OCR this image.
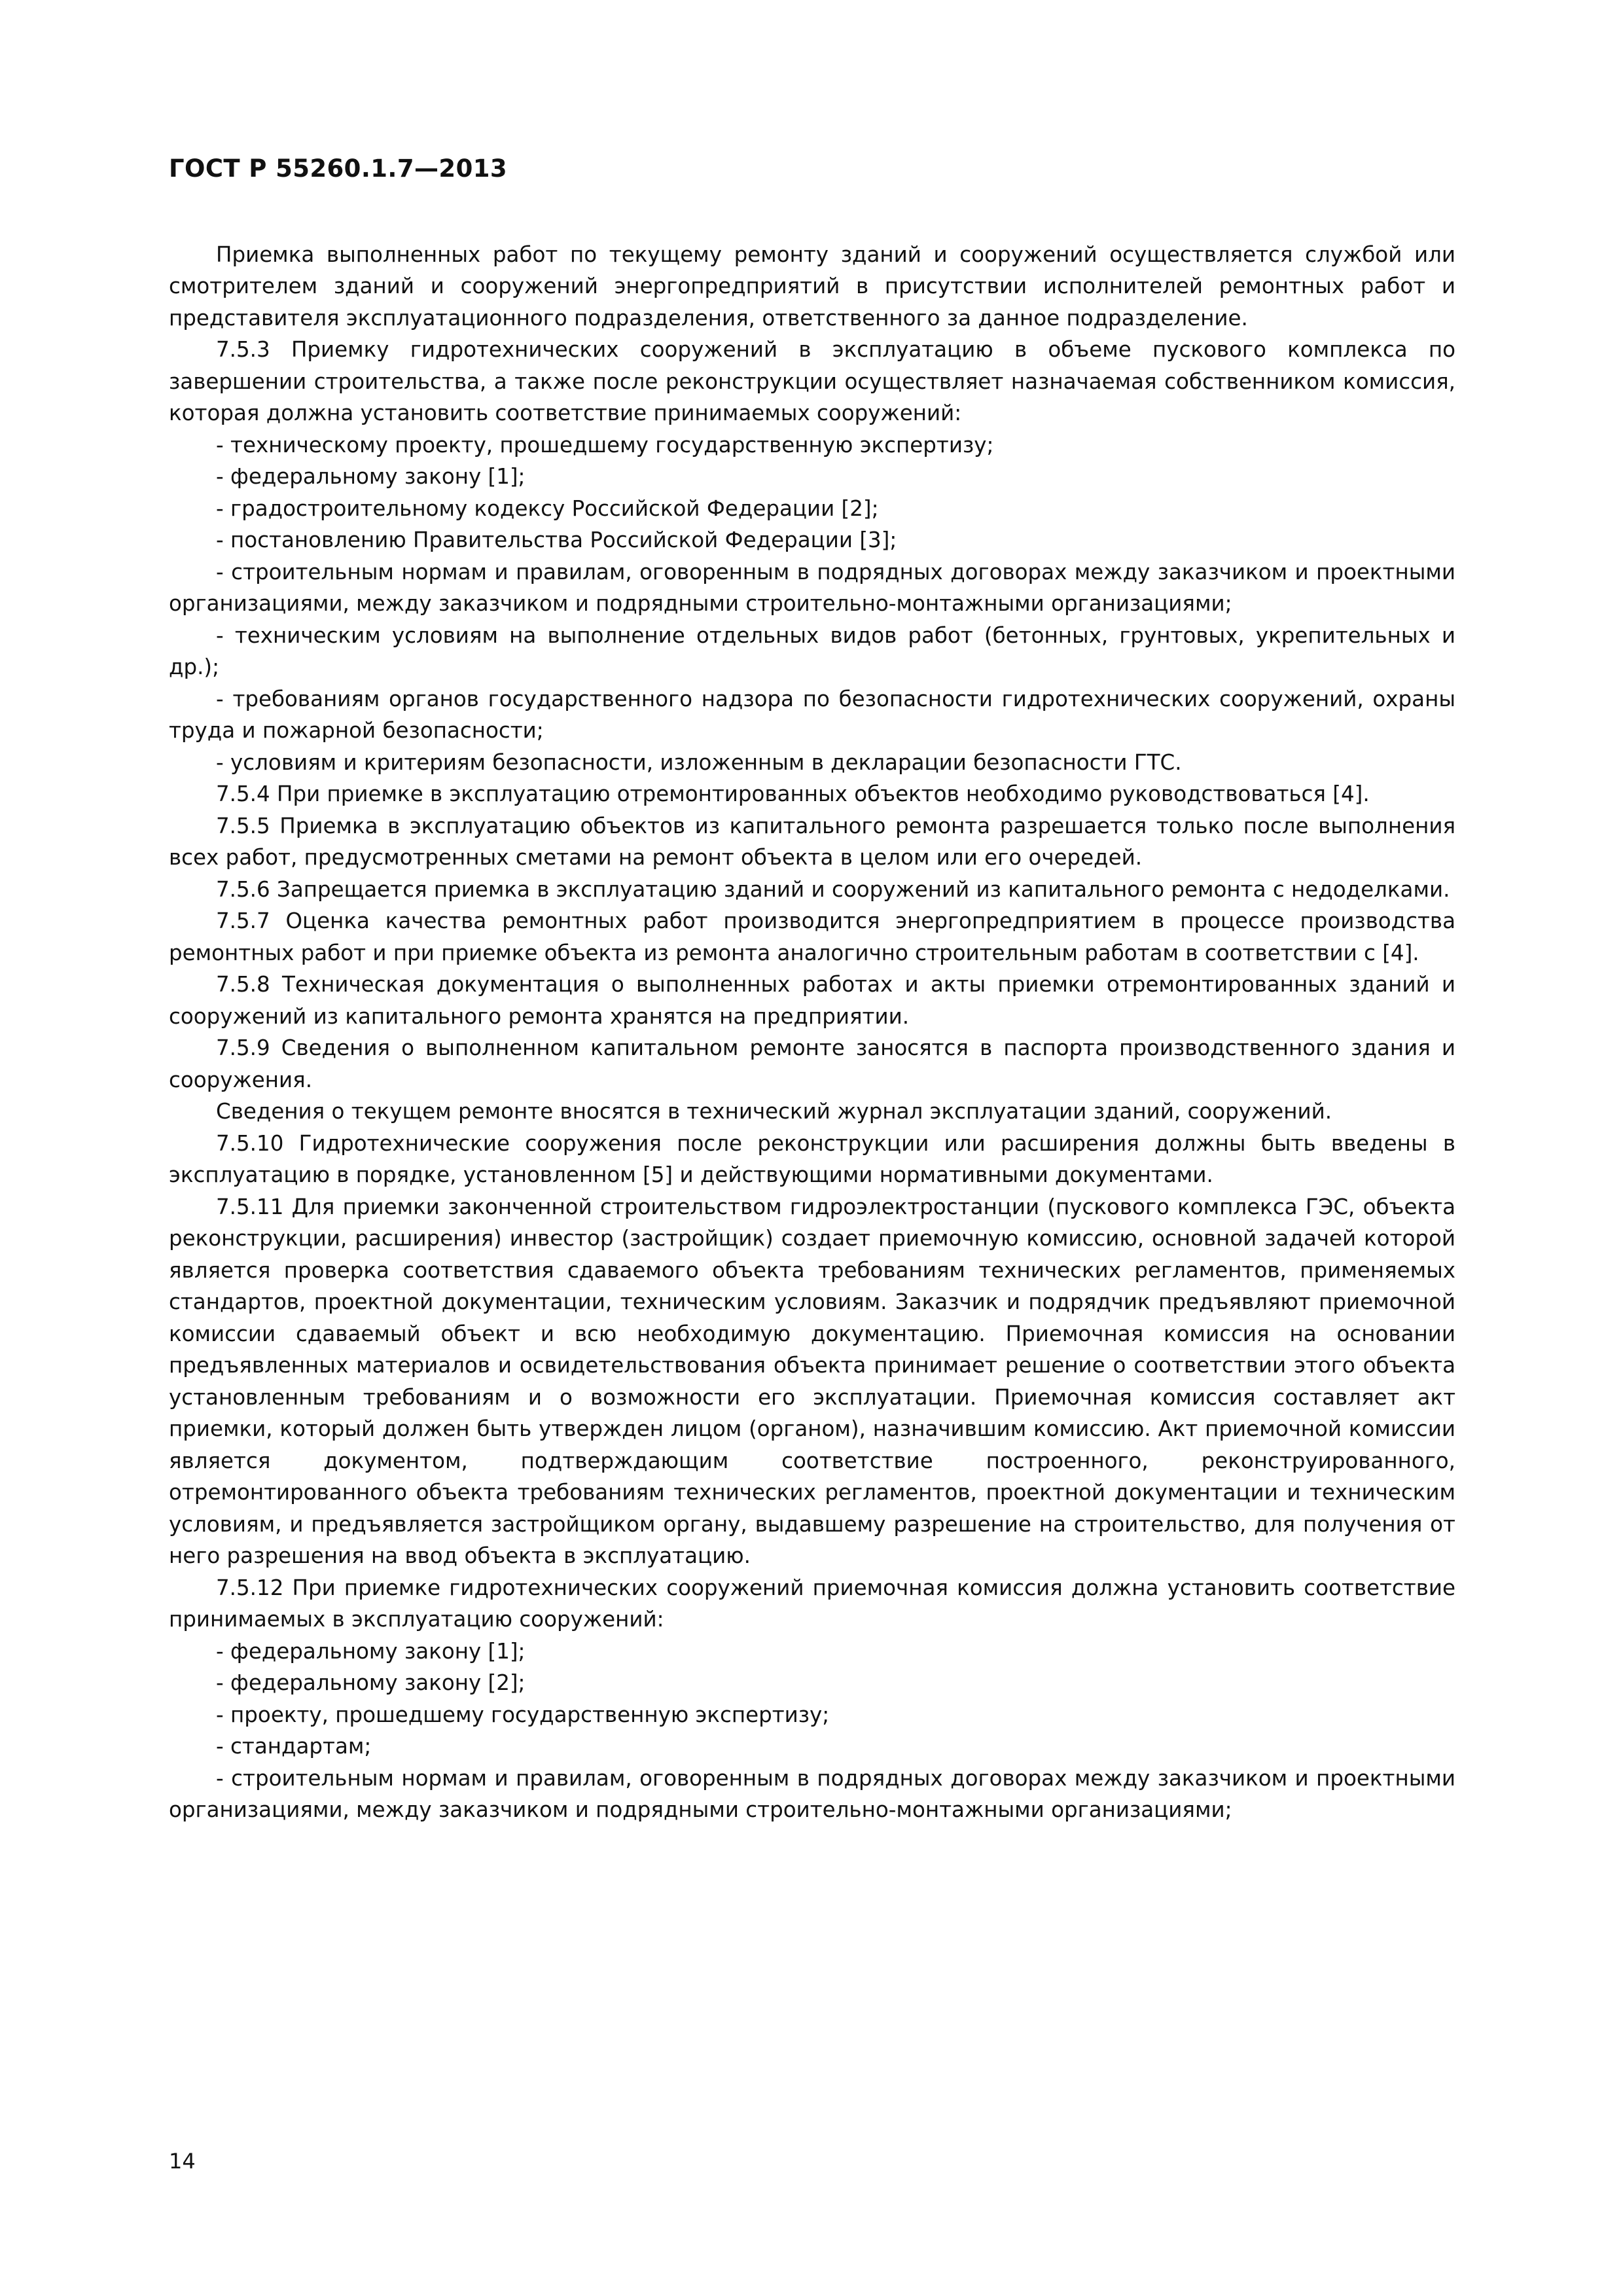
ГОСТ Р 55260.1.7—2013

Приемка выполненных работ по текущему ремонту зданий и сооружений осуществляется службой или смотрителем зданий и сооружений энергопредприятий в присутствии исполнителей ремонтных работ и представителя эксплуатационного подразделения, ответственного за данное подразделение.

7.5.3 Приемку гидротехнических сооружений в эксплуатацию в объеме пускового комплекса по завершении строительства, а также после реконструкции осуществляет назначаемая собственником комиссия, которая должна установить соответствие принимаемых сооружений:

- техническому проекту, прошедшему государственную экспертизу;

- федеральному закону [1];

- градостроительному кодексу Российской Федерации [2];

- постановлению Правительства Российской Федерации [3];

- строительным нормам и правилам, оговоренным в подрядных договорах между заказчиком и проектными организациями, между заказчиком и подрядными строительно-монтажными организациями;

- техническим условиям на выполнение отдельных видов работ (бетонных, грунтовых, укрепительных и др.);

- требованиям органов государственного надзора по безопасности гидротехнических сооружений, охраны труда и пожарной безопасности;

- условиям и критериям безопасности, изложенным в декларации безопасности ГТС.

7.5.4 При приемке в эксплуатацию отремонтированных объектов необходимо руководствоваться [4].

7.5.5 Приемка в эксплуатацию объектов из капитального ремонта разрешается только после выполнения всех работ, предусмотренных сметами на ремонт объекта в целом или его очередей.

7.5.6 Запрещается приемка в эксплуатацию зданий и сооружений из капитального ремонта с недоделками.

7.5.7 Оценка качества ремонтных работ производится энергопредприятием в процессе производства ремонтных работ и при приемке объекта из ремонта аналогично строительным работам в соответствии с [4].

7.5.8 Техническая документация о выполненных работах и акты приемки отремонтированных зданий и сооружений из капитального ремонта хранятся на предприятии.

7.5.9 Сведения о выполненном капитальном ремонте заносятся в паспорта производственного здания и сооружения.

Сведения о текущем ремонте вносятся в технический журнал эксплуатации зданий, сооружений.

7.5.10 Гидротехнические сооружения после реконструкции или расширения должны быть введены в эксплуатацию в порядке, установленном [5] и действующими нормативными документами.

7.5.11 Для приемки законченной строительством гидроэлектростанции (пускового комплекса ГЭС, объекта реконструкции, расширения) инвестор (застройщик) создает приемочную комиссию, основной задачей которой является проверка соответствия сдаваемого объекта требованиям технических регламентов, применяемых стандартов, проектной документации, техническим условиям. Заказчик и подрядчик предъявляют приемочной комиссии сдаваемый объект и всю необходимую документацию. Приемочная комиссия на основании предъявленных материалов и освидетельствования объекта принимает решение о соответствии этого объекта установленным требованиям и о возможности его эксплуатации. Приемочная комиссия составляет акт приемки, который должен быть утвержден лицом (органом), назначившим комиссию. Акт приемочной комиссии является документом, подтверждающим соответствие построенного, реконструированного, отремонтированного объекта требованиям технических регламентов, проектной документации и техническим условиям, и предъявляется застройщиком органу, выдавшему разрешение на строительство, для получения от него разрешения на ввод объекта в эксплуатацию.

7.5.12 При приемке гидротехнических сооружений приемочная комиссия должна установить соответствие принимаемых в эксплуатацию сооружений:

- федеральному закону [1];

- федеральному закону [2];

- проекту, прошедшему государственную экспертизу;

- стандартам;

- строительным нормам и правилам, оговоренным в подрядных договорах между заказчиком и проектными организациями, между заказчиком и подрядными строительно-монтажными организациями;

14
